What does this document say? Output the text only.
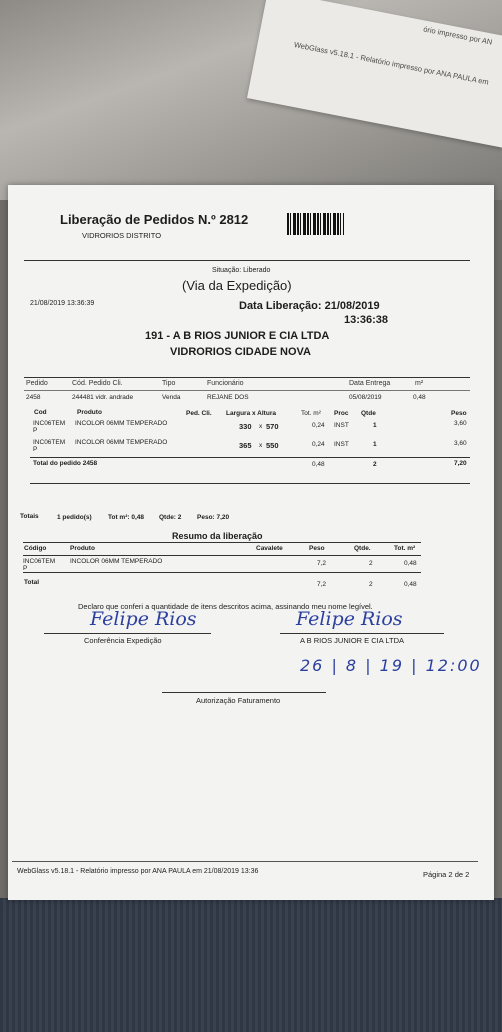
WebGlass v5.18.1 - Relatório impresso por ANA PAULA em
ório impresso por AN
Liberação de Pedidos N.º 2812
VIDRORIOS DISTRITO
Situação: Liberado
(Via da Expedição)
21/08/2019 13:36:39	Data Liberação: 21/08/2019
13:36:38
191 - A B RIOS JUNIOR E CIA LTDA
VIDRORIOS CIDADE NOVA
Pedido	Cód. Pedido Cli.	Tipo	Funcionário	Data Entrega	m²
2458	244481 vidr. andrade	Venda	REJANE DOS	05/08/2019	0,48
Cod	Produto	Ped. Cli. Largura x Altura	Tot. m² Proc Qtde	Peso
INC06TEM
P
INCOLOR 06MM TEMPERADO	330 x 570	0,24 INST	1	3,60
INC06TEM
P
INCOLOR 06MM TEMPERADO	365 x 550	0,24 INST	1	3,60
Total do pedido 2458	0,48	2	7,20
Totais	1 pedido(s)	Tot m²: 0,48 Qtde: 2 Peso: 7,20
Resumo da liberação
Código	Produto	Cavalete	Peso	Qtde.	Tot. m²
INC06TEM
P
INCOLOR 06MM TEMPERADO	7,2	2	0,48
Total	7,2	2	0,48
Declaro que conferi a quantidade de itens descritos acima, assinando meu nome legível.
Felipe Rios
Conferência Expedição
Felipe Rios
A B RIOS JUNIOR E CIA LTDA
26 | 8 | 19 | 12:00
Autorização Faturamento
WebGlass v5.18.1 - Relatório impresso por ANA PAULA em 21/08/2019 13:36	Página 2 de 2
